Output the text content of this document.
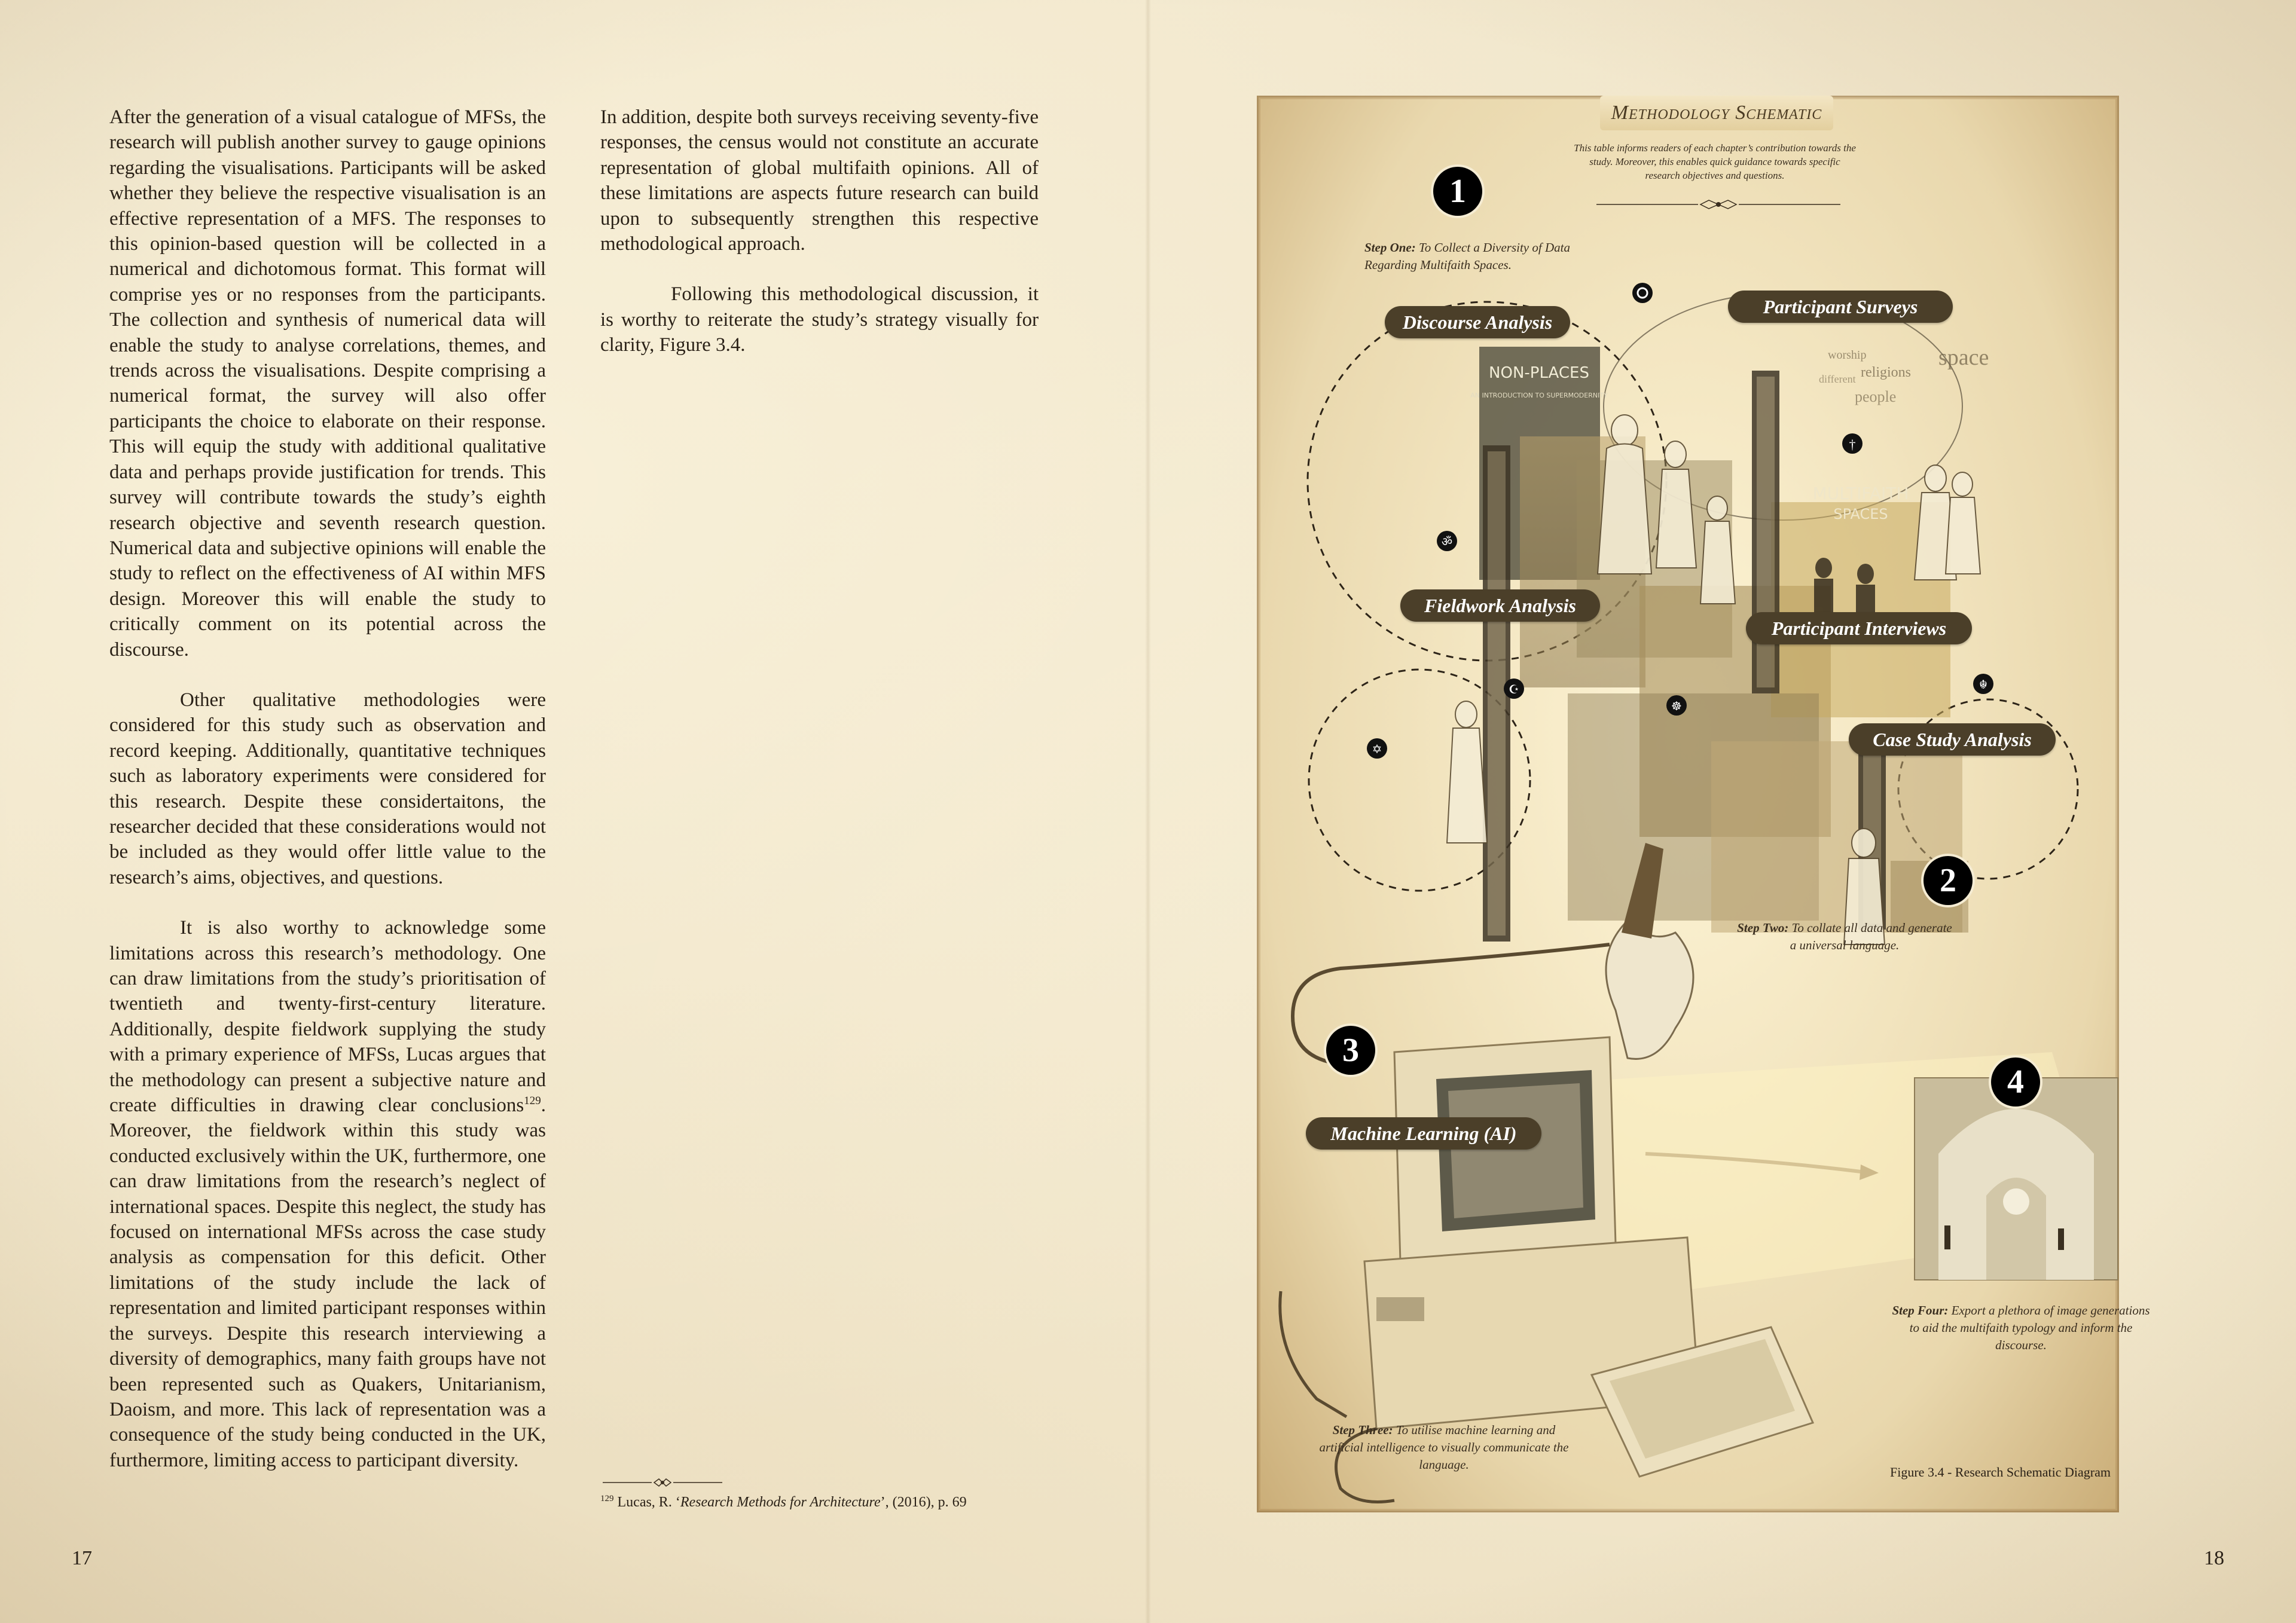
After the generation of a visual catalogue of MFSs, the research will publish another survey to gauge opinions regarding the visualisations. Participants will be asked whether they believe the respective visualisation is an effective representation of a MFS. The responses to this opinion-based question will be collected in a numerical and dichotomous format. This format will comprise yes or no responses from the participants. The collection and synthesis of numerical data will enable the study to analyse correlations, themes, and trends across the visualisations. Despite comprising a numerical format, the survey will also offer participants the choice to elaborate on their response. This will equip the study with additional qualitative data and perhaps provide justification for trends. This survey will contribute towards the study’s eighth research objective and seventh research question. Numerical data and subjective opinions will enable the study to reflect on the effectiveness of AI within MFS design. Moreover this will enable the study to critically comment on its potential across the discourse.

Other qualitative methodologies were considered for this study such as observation and record keeping. Additionally, quantitative techniques such as laboratory experiments were considered for this research. Despite these considertaitons, the researcher decided that these considerations would not be included as they would offer little value to the research’s aims, objectives, and questions.

It is also worthy to acknowledge some limitations across this research’s methodology. One can draw limitations from the study’s prioritisation of twentieth and twenty-first-century literature. Additionally, despite fieldwork supplying the study with a primary experience of MFSs, Lucas argues that the methodology can present a subjective nature and create difficulties in drawing clear conclusions$^{129}$. Moreover, the fieldwork within this study was conducted exclusively within the UK, furthermore, one can draw limitations from the research’s neglect of international spaces. Despite this neglect, the study has focused on international MFSs across the case study analysis as compensation for this deficit. Other limitations of the study include the lack of representation and limited participant responses within the surveys. Despite this research interviewing a diversity of demographics, many faith groups have not been represented such as Quakers, Unitarianism, Daoism, and more. This lack of representation was a consequence of the study being conducted in the UK, furthermore, limiting access to participant diversity.

17

In addition, despite both surveys receiving seventy-five responses, the census would not constitute an accurate representation of global multifaith opinions. All of these limitations are aspects future research can build upon to subsequently strengthen this respective methodological approach.

Following this methodological discussion, it is worthy to reiterate the study’s strategy visually for clarity, Figure 3.4.

$^{129}$ Lucas, R. ‘Research Methods for Architecture’, (2016), p. 69
NON-PLACES
AN INTRODUCTION TO SUPERMODERNITY
MULTIFAITH
SPACES
space
religions
worship
people
different
†
ॐ
☪
☸
✡
☬
Methodology Schematic
This table informs readers of each chapter’s contribution towards the study. Moreover, this enables quick guidance towards specific research objectives and questions.
1
2
3
4
Discourse Analysis
Participant Surveys
Fieldwork Analysis
Participant Interviews
Case Study Analysis
Machine Learning (AI)
Step One: To Collect a Diversity of Data Regarding Multifaith Spaces.
Step Two: To collate all data and generate a universal language.
Step Three: To utilise machine learning and artificial intelligence to visually communicate the language.
Step Four: Export a plethora of image generations to aid the multifaith typology and inform the discourse.
Figure 3.4 - Research Schematic Diagram
18
